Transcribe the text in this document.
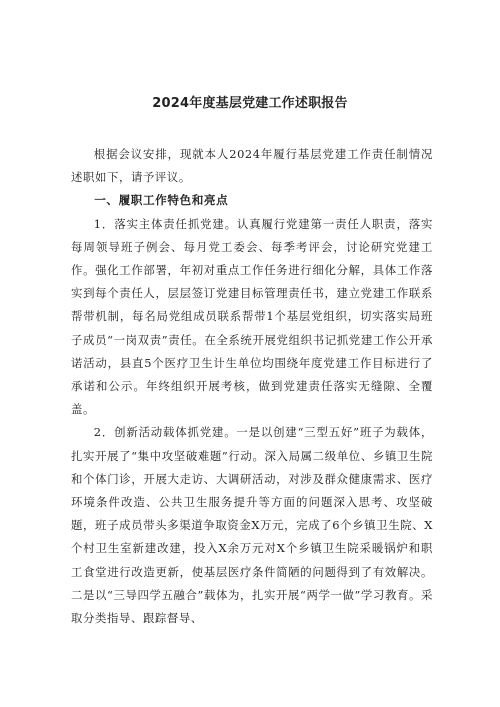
2024年度基层党建工作述职报告

根据会议安排，现就本人2024年履行基层党建工作责任制情况述职如下，请予评议。

一、履职工作特色和亮点

1．落实主体责任抓党建。认真履行党建第一责任人职责，落实每周领导班子例会、每月党工委会、每季考评会，讨论研究党建工作。强化工作部署，年初对重点工作任务进行细化分解，具体工作落实到每个责任人，层层签订党建目标管理责任书，建立党建工作联系帮带机制，每名局党组成员联系帮带1个基层党组织，切实落实局班子成员“一岗双责”责任。在全系统开展党组织书记抓党建工作公开承诺活动，县直5个医疗卫生计生单位均围绕年度党建工作目标进行了承诺和公示。年终组织开展考核，做到党建责任落实无缝隙、全覆盖。

2．创新活动载体抓党建。一是以创建“三型五好”班子为载体，扎实开展了“集中攻坚破难题”行动。深入局属二级单位、乡镇卫生院和个体门诊，开展大走访、大调研活动，对涉及群众健康需求、医疗环境条件改造、公共卫生服务提升等方面的问题深入思考、攻坚破题，班子成员带头多渠道争取资金X万元，完成了6个乡镇卫生院、X个村卫生室新建改建，投入X余万元对X个乡镇卫生院采暖锅炉和职工食堂进行改造更新，使基层医疗条件简陋的问题得到了有效解决。二是以“三导四学五融合”载体为，扎实开展“两学一做”学习教育。采取分类指导、跟踪督导、
